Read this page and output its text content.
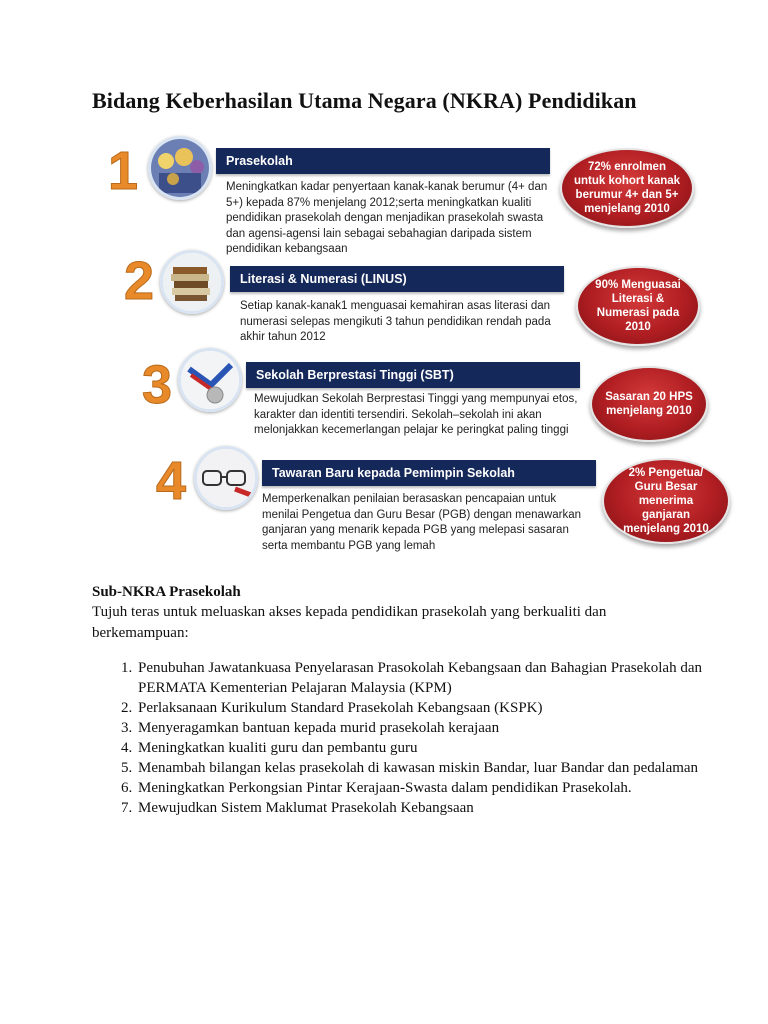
Bidang Keberhasilan Utama Negara (NKRA) Pendidikan
1	Prasekolah
Meningkatkan kadar penyertaan kanak-kanak berumur (4+ dan 5+) kepada 87% menjelang 2012;serta meningkatkan kualiti pendidikan prasekolah dengan menjadikan prasekolah swasta dan agensi-agensi lain sebagai sebahagian daripada sistem pendidikan kebangsaan
72% enrolmen untuk kohort kanak berumur 4+ dan 5+ menjelang 2010
2	Literasi & Numerasi (LINUS)
Setiap kanak-kanak1 menguasai kemahiran asas literasi dan numerasi selepas mengikuti 3 tahun pendidikan rendah pada akhir tahun 2012
90% Menguasai Literasi & Numerasi pada 2010
3	Sekolah Berprestasi Tinggi (SBT)
Mewujudkan Sekolah Berprestasi Tinggi yang mempunyai etos, karakter dan identiti tersendiri. Sekolah–sekolah ini akan melonjakkan kecemerlangan pelajar ke peringkat paling tinggi
Sasaran 20 HPS menjelang 2010
4	Tawaran Baru kepada Pemimpin Sekolah
Memperkenalkan penilaian berasaskan pencapaian untuk menilai Pengetua dan Guru Besar (PGB) dengan menawarkan ganjaran yang menarik kepada PGB yang melepasi sasaran serta membantu PGB yang lemah
2% Pengetua/ Guru Besar menerima ganjaran menjelang 2010
Sub-NKRA Prasekolah
Tujuh teras untuk meluaskan akses kepada pendidikan prasekolah yang berkualiti dan berkemampuan:
1. Penubuhan Jawatankuasa Penyelarasan Prasokolah Kebangsaan dan Bahagian Prasekolah dan PERMATA Kementerian Pelajaran Malaysia (KPM)
2. Perlaksanaan Kurikulum Standard Prasekolah Kebangsaan (KSPK)
3. Menyeragamkan bantuan kepada murid prasekolah kerajaan
4. Meningkatkan kualiti guru dan pembantu guru
5. Menambah bilangan kelas prasekolah di kawasan miskin Bandar, luar Bandar dan pedalaman
6. Meningkatkan Perkongsian Pintar Kerajaan-Swasta dalam pendidikan Prasekolah.
7. Mewujudkan Sistem Maklumat Prasekolah Kebangsaan
